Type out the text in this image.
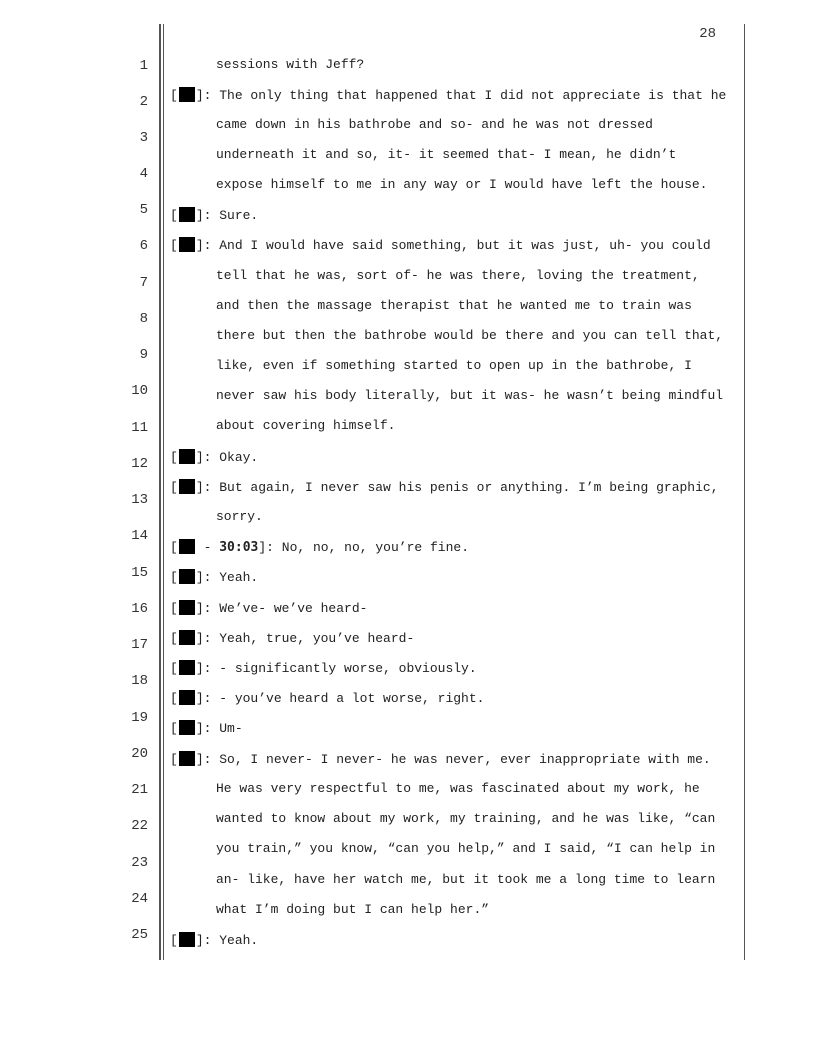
28
1
2
3
4
5
6
7
8
9
10
11
12
13
14
15
16
17
18
19
20
21
22
23
24
25
sessions with Jeff?
[ ]: The only thing that happened that I did not appreciate is that he
came down in his bathrobe and so- and he was not dressed
underneath it and so, it- it seemed that- I mean, he didn’t
expose himself to me in any way or I would have left the house.
[ ]: Sure.
[ ]: And I would have said something, but it was just, uh- you could
tell that he was, sort of- he was there, loving the treatment,
and then the massage therapist that he wanted me to train was
there but then the bathrobe would be there and you can tell that,
like, even if something started to open up in the bathrobe, I
never saw his body literally, but it was- he wasn’t being mindful
about covering himself.
[ ]: Okay.
[ ]: But again, I never saw his penis or anything. I’m being graphic,
sorry.
[ - 30:03]: No, no, no, you’re fine.
[ ]: Yeah.
[ ]: We’ve- we’ve heard-
[ ]: Yeah, true, you’ve heard-
[ ]: - significantly worse, obviously.
[ ]: - you’ve heard a lot worse, right.
[ ]: Um-
[ ]: So, I never- I never- he was never, ever inappropriate with me.
He was very respectful to me, was fascinated about my work, he
wanted to know about my work, my training, and he was like, “can
you train,” you know, “can you help,” and I said, “I can help in
an- like, have her watch me, but it took me a long time to learn
what I’m doing but I can help her.”
[ ]: Yeah.
